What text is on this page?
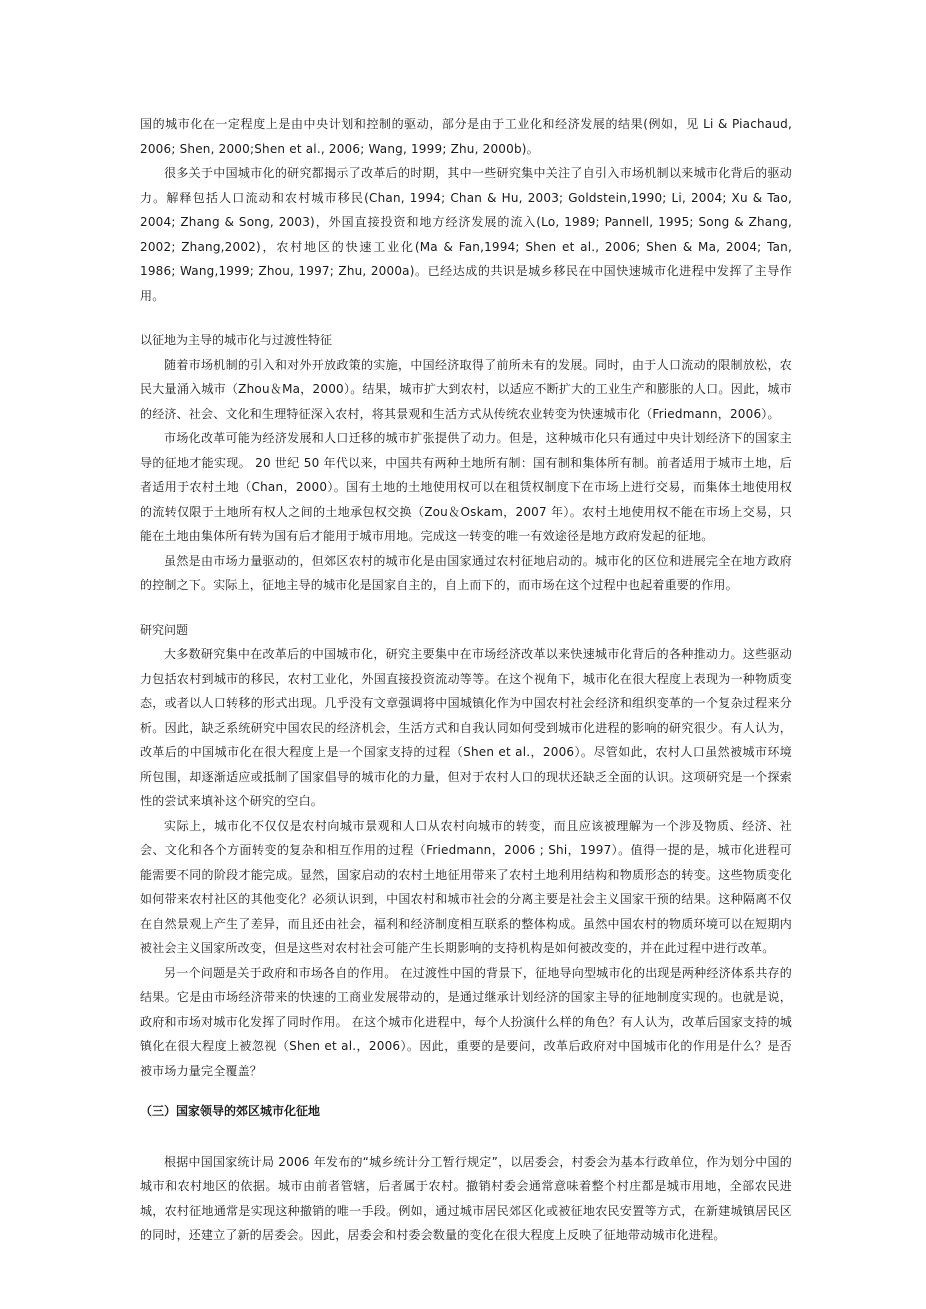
国的城市化在一定程度上是由中央计划和控制的驱动，部分是由于工业化和经济发展的结果(例如，见 Li & Piachaud, 2006; Shen, 2000;Shen et al., 2006; Wang, 1999; Zhu, 2000b)。

很多关于中国城市化的研究都揭示了改革后的时期，其中一些研究集中关注了自引入市场机制以来城市化背后的驱动力。解释包括人口流动和农村城市移民(Chan, 1994; Chan & Hu, 2003; Goldstein,1990; Li, 2004; Xu & Tao, 2004; Zhang & Song, 2003)，外国直接投资和地方经济发展的流入(Lo, 1989; Pannell, 1995; Song & Zhang, 2002; Zhang,2002)，农村地区的快速工业化(Ma & Fan,1994; Shen et al., 2006; Shen & Ma, 2004; Tan, 1986; Wang,1999; Zhou, 1997; Zhu, 2000a)。已经达成的共识是城乡移民在中国快速城市化进程中发挥了主导作用。

以征地为主导的城市化与过渡性特征

随着市场机制的引入和对外开放政策的实施，中国经济取得了前所未有的发展。同时，由于人口流动的限制放松，农民大量涌入城市（Zhou＆Ma，2000）。结果，城市扩大到农村，以适应不断扩大的工业生产和膨胀的人口。因此，城市的经济、社会、文化和生理特征深入农村，将其景观和生活方式从传统农业转变为快速城市化（Friedmann，2006）。

市场化改革可能为经济发展和人口迁移的城市扩张提供了动力。但是，这种城市化只有通过中央计划经济下的国家主导的征地才能实现。 20 世纪 50 年代以来，中国共有两种土地所有制：国有制和集体所有制。前者适用于城市土地，后者适用于农村土地（Chan，2000）。国有土地的土地使用权可以在租赁权制度下在市场上进行交易，而集体土地使用权的流转仅限于土地所有权人之间的土地承包权交换（Zou＆Oskam，2007 年）。农村土地使用权不能在市场上交易，只能在土地由集体所有转为国有后才能用于城市用地。完成这一转变的唯一有效途径是地方政府发起的征地。

虽然是由市场力量驱动的，但郊区农村的城市化是由国家通过农村征地启动的。城市化的区位和进展完全在地方政府的控制之下。实际上，征地主导的城市化是国家自主的，自上而下的，而市场在这个过程中也起着重要的作用。

研究问题

大多数研究集中在改革后的中国城市化，研究主要集中在市场经济改革以来快速城市化背后的各种推动力。这些驱动力包括农村到城市的移民，农村工业化，外国直接投资流动等等。在这个视角下，城市化在很大程度上表现为一种物质变态，或者以人口转移的形式出现。几乎没有文章强调将中国城镇化作为中国农村社会经济和组织变革的一个复杂过程来分析。因此，缺乏系统研究中国农民的经济机会，生活方式和自我认同如何受到城市化进程的影响的研究很少。有人认为，改革后的中国城市化在很大程度上是一个国家支持的过程（Shen et al.，2006）。尽管如此，农村人口虽然被城市环境所包围，却逐渐适应或抵制了国家倡导的城市化的力量，但对于农村人口的现状还缺乏全面的认识。这项研究是一个探索性的尝试来填补这个研究的空白。

实际上，城市化不仅仅是农村向城市景观和人口从农村向城市的转变，而且应该被理解为一个涉及物质、经济、社会、文化和各个方面转变的复杂和相互作用的过程（Friedmann，2006 ; Shi，1997）。值得一提的是，城市化进程可能需要不同的阶段才能完成。显然，国家启动的农村土地征用带来了农村土地利用结构和物质形态的转变。这些物质变化如何带来农村社区的其他变化？必须认识到，中国农村和城市社会的分离主要是社会主义国家干预的结果。这种隔离不仅在自然景观上产生了差异，而且还由社会，福利和经济制度相互联系的整体构成。虽然中国农村的物质环境可以在短期内被社会主义国家所改变，但是这些对农村社会可能产生长期影响的支持机构是如何被改变的，并在此过程中进行改革。

另一个问题是关于政府和市场各自的作用。 在过渡性中国的背景下，征地导向型城市化的出现是两种经济体系共存的结果。它是由市场经济带来的快速的工商业发展带动的，是通过继承计划经济的国家主导的征地制度实现的。也就是说，政府和市场对城市化发挥了同时作用。 在这个城市化进程中，每个人扮演什么样的角色？有人认为，改革后国家支持的城镇化在很大程度上被忽视（Shen et al.，2006）。因此，重要的是要问，改革后政府对中国城市化的作用是什么？是否被市场力量完全覆盖？

（三）国家领导的郊区城市化征地

根据中国国家统计局 2006 年发布的“城乡统计分工暂行规定”，以居委会，村委会为基本行政单位，作为划分中国的城市和农村地区的依据。城市由前者管辖，后者属于农村。撤销村委会通常意味着整个村庄都是城市用地，全部农民进城，农村征地通常是实现这种撤销的唯一手段。例如，通过城市居民郊区化或被征地农民安置等方式，在新建城镇居民区的同时，还建立了新的居委会。因此，居委会和村委会数量的变化在很大程度上反映了征地带动城市化进程。
